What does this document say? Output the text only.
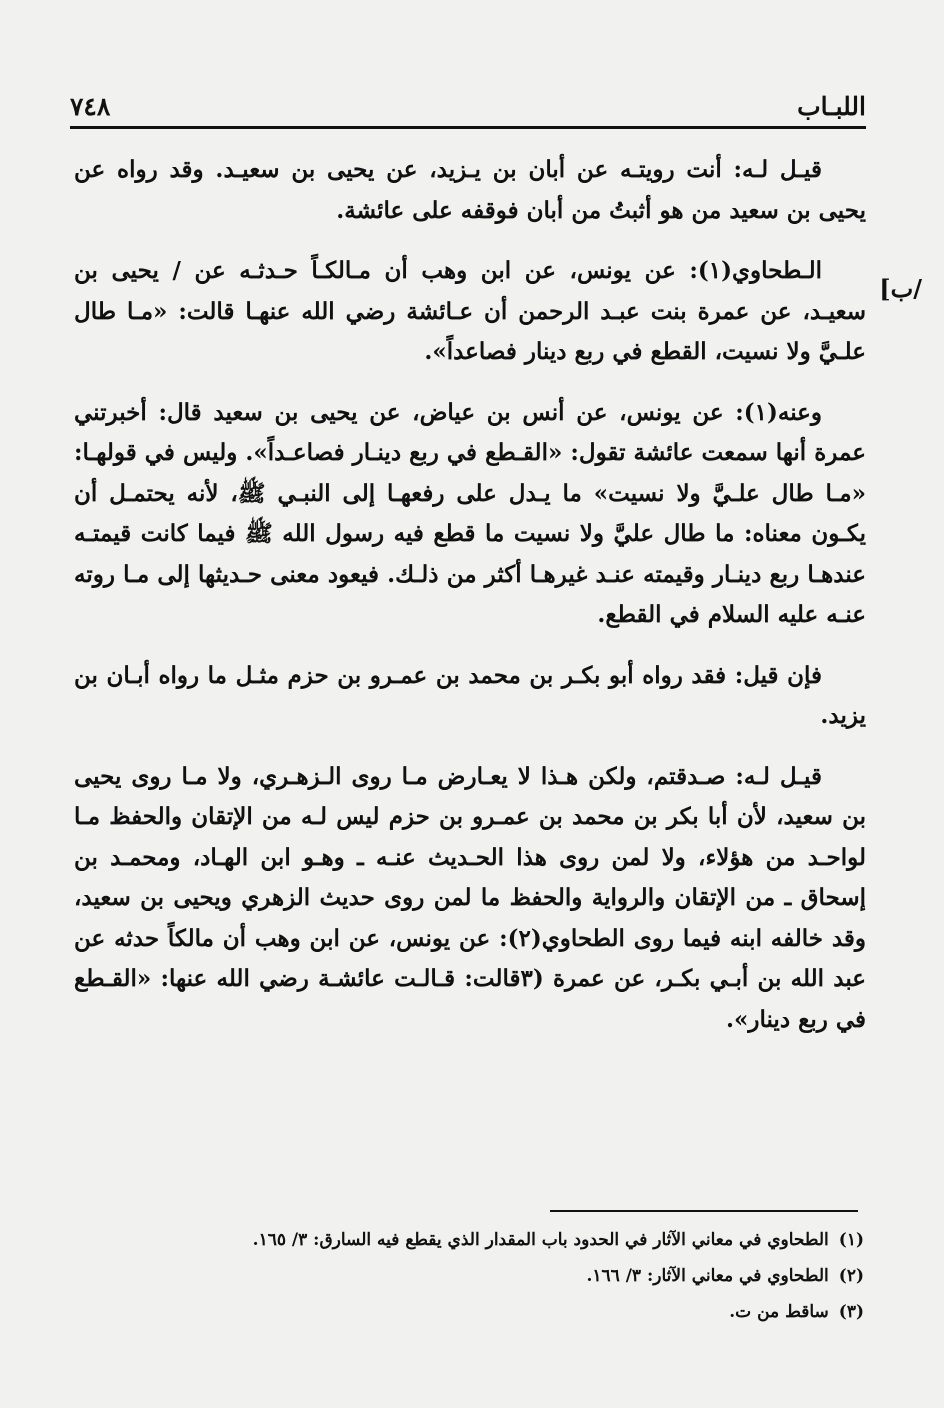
اللبـاب
٧٤٨
/ب]

قيـل لـه: أنت رويتـه عن أبان بن يـزيد، عن يحيى بن سعيـد. وقد رواه عن يحيى بن سعيد من هو أثبتُ من أبان فوقفه على عائشة.

الـطحاوي(١): عن يونس، عن ابن وهب أن مـالكـاً حـدثـه عن / يحيى بن سعيـد، عن عمرة بنت عبـد الرحمن أن عـائشة رضي الله عنهـا قالت: «مـا طال علـيَّ ولا نسيت، القطع في ربع دينار فصاعداً».

وعنه(١): عن يونس، عن أنس بن عياض، عن يحيى بن سعيد قال: أخبرتني عمرة أنها سمعت عائشة تقول: «القـطع في ربع دينـار فصاعـداً». وليس في قولهـا: «مـا طال علـيَّ ولا نسيت» ما يـدل على رفعهـا إلى النبـي ﷺ، لأنه يحتمـل أن يكـون معناه: ما طال عليَّ ولا نسيت ما قطع فيه رسول الله ﷺ فيما كانت قيمتـه عندهـا ربع دينـار وقيمته عنـد غيرهـا أكثر من ذلـك. فيعود معنى حـديثها إلى مـا روته عنـه عليه السلام في القطع.

فإن قيل: فقد رواه أبو بكـر بن محمد بن عمـرو بن حزم مثـل ما رواه أبـان بن يزيد.

قيـل لـه: صـدقتم، ولكن هـذا لا يعـارض مـا روى الـزهـري، ولا مـا روى يحيى بن سعيد، لأن أبا بكر بن محمد بن عمـرو بن حزم ليس لـه من الإتقان والحفظ مـا لواحـد من هؤلاء، ولا لمن روى هذا الحـديث عنـه ـ وهـو ابن الهـاد، ومحمـد بن إسحاق ـ من الإتقان والرواية والحفظ ما لمن روى حديث الزهري ويحيى بن سعيد، وقد خالفه ابنه فيما روى الطحاوي(٢): عن يونس، عن ابن وهب أن مالكاً حدثه عن عبد الله بن أبـي بكـر، عن عمرة (٣قالت: قـالـت عائشـة رضي الله عنها: «القـطع في ربع دينار».

(١)الطحاوي في معاني الآثار في الحدود باب المقدار الذي يقطع فيه السارق: ٣/ ١٦٥.
(٢)الطحاوي في معاني الآثار: ٣/ ١٦٦.
(٣)ساقط من ت.
